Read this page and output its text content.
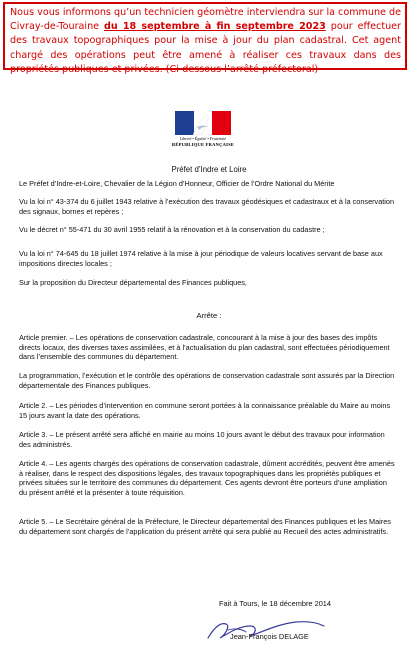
Nous vous informons qu’un technicien géomètre interviendra sur la commune de Civray-de-Touraine du 18 septembre à fin septembre 2023 pour effectuer des travaux topographiques pour la mise à jour du plan cadastral. Cet agent chargé des opérations peut être amené à réaliser ces travaux dans des propriétés publiques et privées. (Ci-dessous l’arrêté préfectoral)
Liberté • Égalité • Fraternité
RÉPUBLIQUE FRANÇAISE
Préfet d’Indre et Loire
Le Préfet d’Indre-et-Loire, Chevalier de la Légion d’Honneur, Officier de l’Ordre National du Mérite
Vu la loi n° 43-374 du 6 juillet 1943 relative à l’exécution des travaux géodésiques et cadastraux et à la conservation des signaux, bornes et repères ;
Vu le décret n° 55-471 du 30 avril 1955 relatif à la rénovation et à la conservation du cadastre ;
Vu la loi n° 74-645 du 18 juillet 1974 relative à la mise à jour périodique de valeurs locatives servant de base aux impositions directes locales ;
Sur la proposition du Directeur départemental des Finances publiques,
Arrête :
Article premier. – Les opérations de conservation cadastrale, concourant à la mise à jour des bases des impôts directs locaux, des diverses taxes assimilées, et à l’actualisation du plan cadastral, sont effectuées périodiquement dans l’ensemble des communes du département.
La programmation, l’exécution et le contrôle des opérations de conservation cadastrale sont assurés par la Direction départementale des Finances publiques.
Article 2. – Les périodes d’intervention en commune seront portées à la connaissance préalable du Maire au moins 15 jours avant la date des opérations.
Article 3. – Le présent arrêté sera affiché en mairie au moins 10 jours avant le début des travaux pour information des administrés.
Article 4. – Les agents chargés des opérations de conservation cadastrale, dûment accrédités, peuvent être amenés à réaliser, dans le respect des dispositions légales, des travaux topographiques dans les propriétés publiques et privées situées sur le territoire des communes du département. Ces agents devront être porteurs d’une ampliation du présent arrêté et la présenter à toute réquisition.
Article 5. – Le Secrétaire général de la Préfecture, le Directeur départemental des Finances publiques et les Maires du département sont chargés de l’application du présent arrêté qui sera publié au Recueil des actes administratifs.
Fait à Tours, le 18 décembre 2014
Jean-François DELAGE
